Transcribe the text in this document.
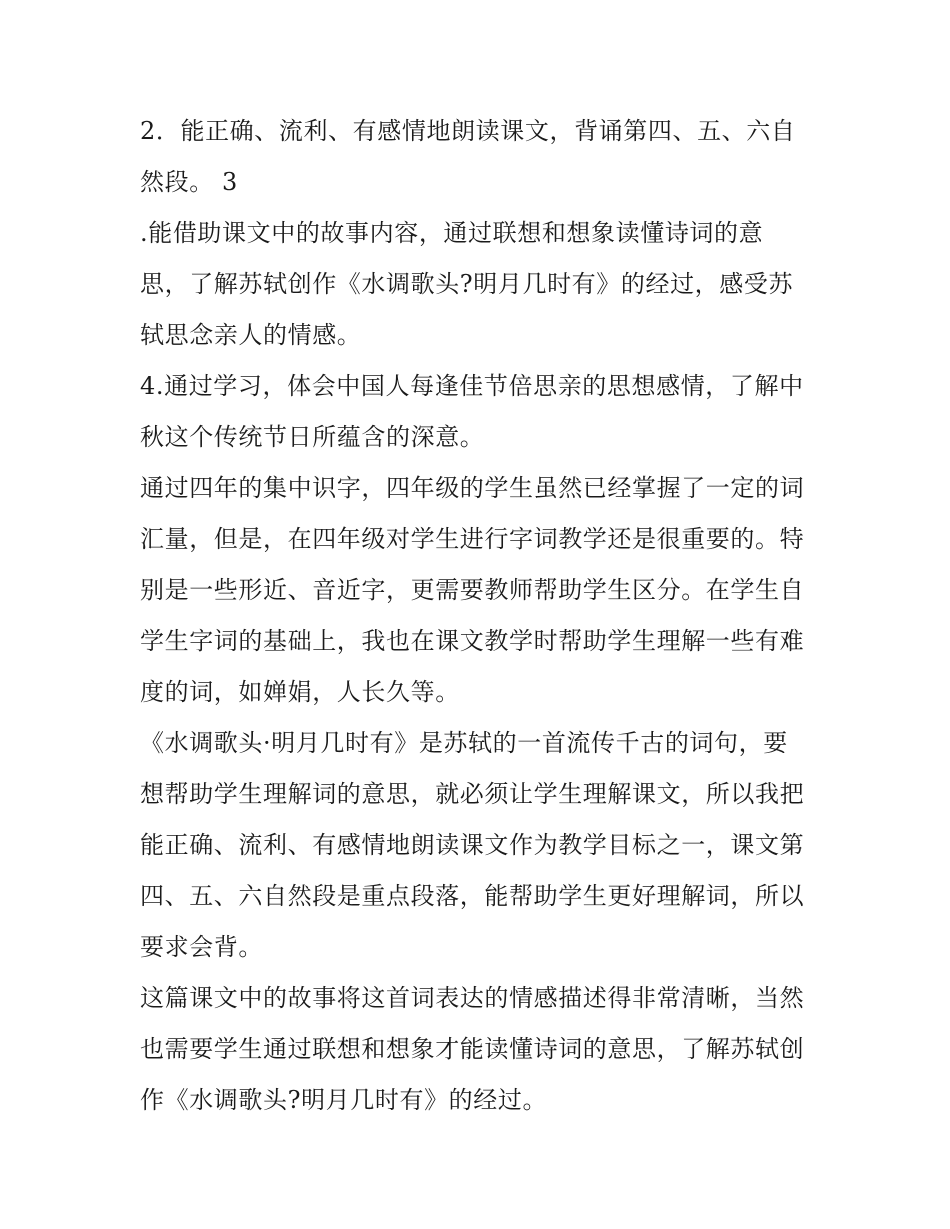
2．能正确、流利、有感情地朗读课文，背诵第四、五、六自
然段。 3
.能借助课文中的故事内容，通过联想和想象读懂诗词的意
思，了解苏轼创作《水调歌头?明月几时有》的经过，感受苏
轼思念亲人的情感。
4.通过学习，体会中国人每逢佳节倍思亲的思想感情，了解中
秋这个传统节日所蕴含的深意。
通过四年的集中识字，四年级的学生虽然已经掌握了一定的词
汇量，但是，在四年级对学生进行字词教学还是很重要的。特
别是一些形近、音近字，更需要教师帮助学生区分。在学生自
学生字词的基础上，我也在课文教学时帮助学生理解一些有难
度的词，如婵娟，人长久等。
《水调歌头·明月几时有》是苏轼的一首流传千古的词句，要
想帮助学生理解词的意思，就必须让学生理解课文，所以我把
能正确、流利、有感情地朗读课文作为教学目标之一，课文第
四、五、六自然段是重点段落，能帮助学生更好理解词，所以
要求会背。
这篇课文中的故事将这首词表达的情感描述得非常清晰，当然
也需要学生通过联想和想象才能读懂诗词的意思，了解苏轼创
作《水调歌头?明月几时有》的经过。
